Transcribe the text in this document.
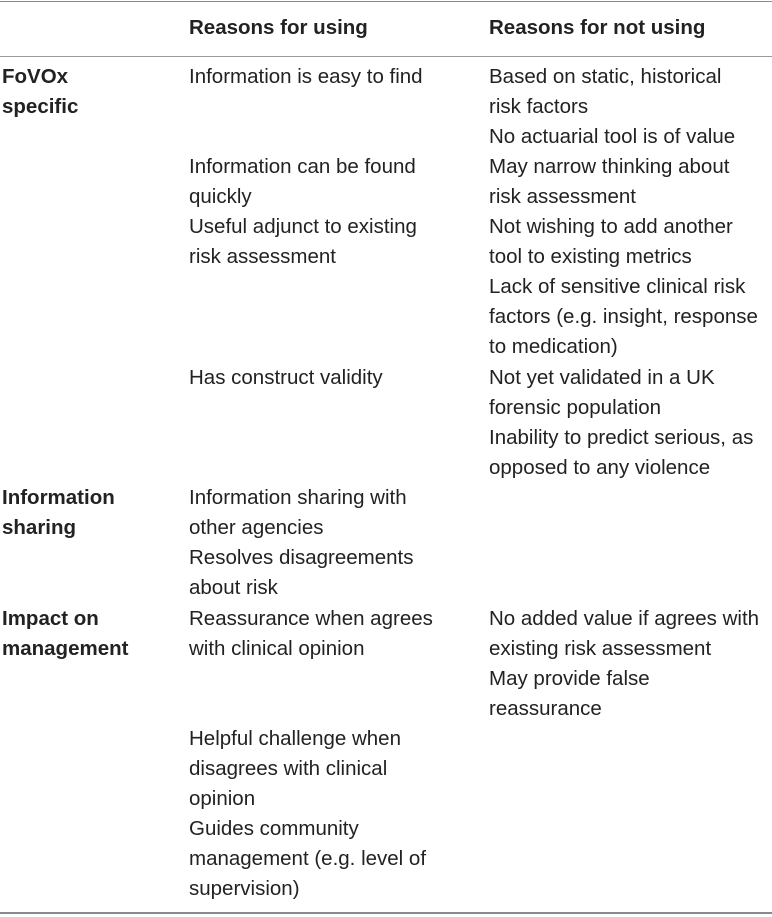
Reasons for using	Reasons for not using
FoVOx
specific
Information is easy to find
Information can be found
quickly
Useful adjunct to existing
risk assessment
Has construct validity
Based on static, historical
risk factors
No actuarial tool is of value
May narrow thinking about
risk assessment
Not wishing to add another
tool to existing metrics
Lack of sensitive clinical risk
factors (e.g. insight, response
to medication)
Not yet validated in a UK
forensic population
Inability to predict serious, as
opposed to any violence
Information
sharing
Information sharing with
other agencies
Resolves disagreements
about risk
Impact on
management
Reassurance when agrees
with clinical opinion
Helpful challenge when
disagrees with clinical
opinion
Guides community
management (e.g. level of
supervision)
No added value if agrees with
existing risk assessment
May provide false
reassurance
